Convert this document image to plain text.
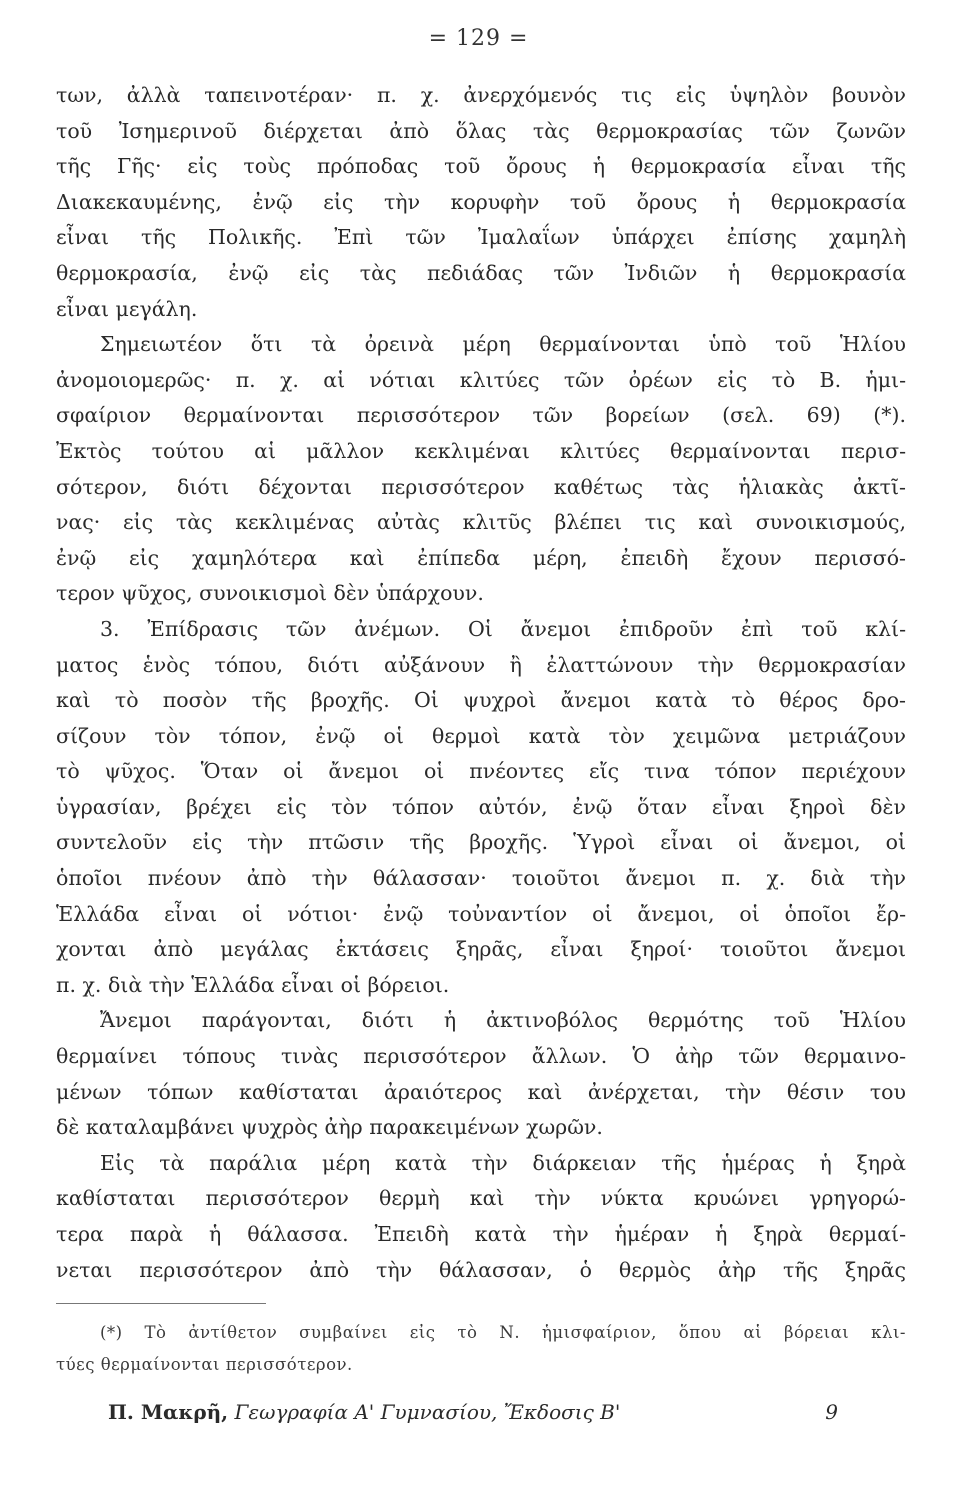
= 129 =
των, ἀλλὰ ταπεινοτέραν· π. χ. ἀνερχόμενός τις εἰς ὑψηλὸν βουνὸν
τοῦ Ἰσημερινοῦ διέρχεται ἀπὸ ὅλας τὰς θερμοκρασίας τῶν ζωνῶν
τῆς Γῆς· εἰς τοὺς πρόποδας τοῦ ὄρους ἡ θερμοκρασία εἶναι τῆς
Διακεκαυμένης, ἐνῷ εἰς τὴν κορυφὴν τοῦ ὄρους ἡ θερμοκρασία
εἶναι τῆς Πολικῆς. Ἐπὶ τῶν Ἰμαλαΐων ὑπάρχει ἐπίσης χαμηλὴ
θερμοκρασία, ἐνῷ εἰς τὰς πεδιάδας τῶν Ἰνδιῶν ἡ θερμοκρασία
εἶναι μεγάλη.
Σημειωτέον ὅτι τὰ ὀρεινὰ μέρη θερμαίνονται ὑπὸ τοῦ Ἡλίου
ἀνομοιομερῶς· π. χ. αἱ νότιαι κλιτύες τῶν ὀρέων εἰς τὸ Β. ἡμι-
σφαίριον θερμαίνονται περισσότερον τῶν βορείων (σελ. 69) (*).
Ἐκτὸς τούτου αἱ μᾶλλον κεκλιμέναι κλιτύες θερμαίνονται περισ-
σότερον, διότι δέχονται περισσότερον καθέτως τὰς ἡλιακὰς ἀκτῖ-
νας· εἰς τὰς κεκλιμένας αὐτὰς κλιτῦς βλέπει τις καὶ συνοικισμούς,
ἐνῷ εἰς χαμηλότερα καὶ ἐπίπεδα μέρη, ἐπειδὴ ἔχουν περισσό-
τερον ψῦχος, συνοικισμοὶ δὲν ὑπάρχουν.
3. Ἐπίδρασις τῶν ἀνέμων. Οἱ ἄνεμοι ἐπιδροῦν ἐπὶ τοῦ κλί-
ματος ἑνὸς τόπου, διότι αὐξάνουν ἢ ἐλαττώνουν τὴν θερμοκρασίαν
καὶ τὸ ποσὸν τῆς βροχῆς. Οἱ ψυχροὶ ἄνεμοι κατὰ τὸ θέρος δρο-
σίζουν τὸν τόπον, ἐνῷ οἱ θερμοὶ κατὰ τὸν χειμῶνα μετριάζουν
τὸ ψῦχος. Ὅταν οἱ ἄνεμοι οἱ πνέοντες εἴς τινα τόπον περιέχουν
ὑγρασίαν, βρέχει εἰς τὸν τόπον αὐτόν, ἐνῷ ὅταν εἶναι ξηροὶ δὲν
συντελοῦν εἰς τὴν πτῶσιν τῆς βροχῆς. Ὑγροὶ εἶναι οἱ ἄνεμοι, οἱ
ὁποῖοι πνέουν ἀπὸ τὴν θάλασσαν· τοιοῦτοι ἄνεμοι π. χ. διὰ τὴν
Ἑλλάδα εἶναι οἱ νότιοι· ἐνῷ τοὐναντίον οἱ ἄνεμοι, οἱ ὁποῖοι ἔρ-
χονται ἀπὸ μεγάλας ἐκτάσεις ξηρᾶς, εἶναι ξηροί· τοιοῦτοι ἄνεμοι
π. χ. διὰ τὴν Ἑλλάδα εἶναι οἱ βόρειοι.
Ἄνεμοι παράγονται, διότι ἡ ἀκτινοβόλος θερμότης τοῦ Ἡλίου
θερμαίνει τόπους τινὰς περισσότερον ἄλλων. Ὁ ἀὴρ τῶν θερμαινο-
μένων τόπων καθίσταται ἀραιότερος καὶ ἀνέρχεται, τὴν θέσιν του
δὲ καταλαμβάνει ψυχρὸς ἀὴρ παρακειμένων χωρῶν.
Εἰς τὰ παράλια μέρη κατὰ τὴν διάρκειαν τῆς ἡμέρας ἡ ξηρὰ
καθίσταται περισσότερον θερμὴ καὶ τὴν νύκτα κρυώνει γρηγορώ-
τερα παρὰ ἡ θάλασσα. Ἐπειδὴ κατὰ τὴν ἡμέραν ἡ ξηρὰ θερμαί-
νεται περισσότερον ἀπὸ τὴν θάλασσαν, ὁ θερμὸς ἀὴρ τῆς ξηρᾶς
(*) Τὸ ἀντίθετον συμβαίνει εἰς τὸ Ν. ἡμισφαίριον, ὅπου αἱ βόρειαι κλι-
τύες θερμαίνονται περισσότερον.
Π. Μακρῆ, Γεωγραφία Α' Γυμνασίου, Ἔκδοσις Β'	9
